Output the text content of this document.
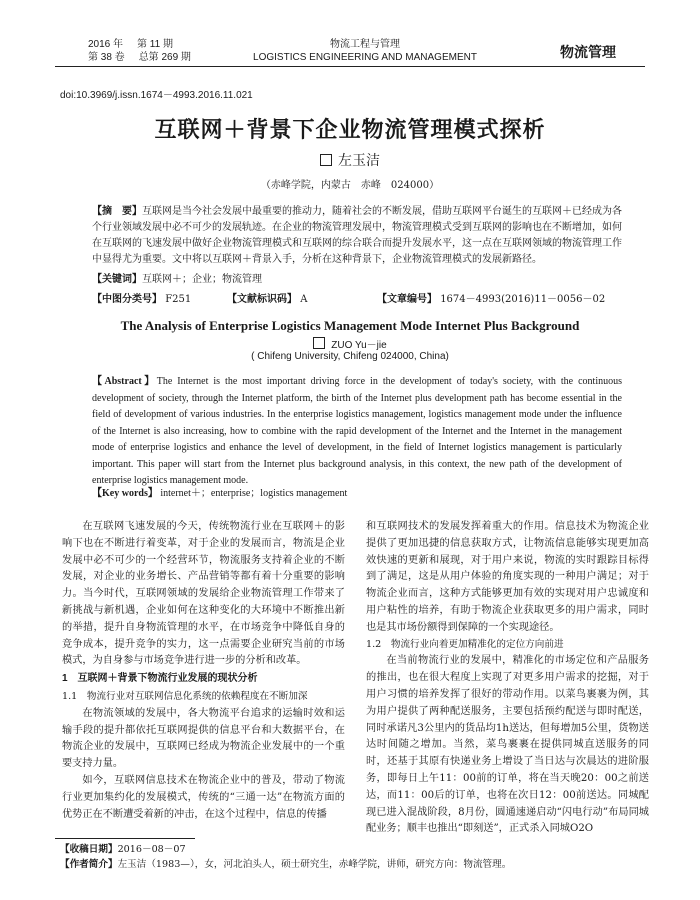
2016 年 第 11 期
第 38 卷 总第 269 期
物流工程与管理
LOGISTICS ENGINEERING AND MANAGEMENT	物流管理
doi:10.3969/j.issn.1674－4993.2016.11.021
互联网＋背景下企业物流管理模式探析
左玉洁
（赤峰学院，内蒙古　赤峰　024000）
【摘　要】互联网是当今社会发展中最重要的推动力，随着社会的不断发展，借助互联网平台诞生的互联网＋已经成为各个行业领域发展中必不可少的发展轨迹。在企业的物流管理发展中，物流管理模式受到互联网的影响也在不断增加，如何在互联网的飞速发展中做好企业物流管理模式和互联网的综合联合而提升发展水平，这一点在互联网领域的物流管理工作中显得尤为重要。文中将以互联网＋背景入手，分析在这种背景下，企业物流管理模式的发展新路径。
【关键词】互联网＋；企业；物流管理
【中图分类号】 F251	【文献标识码】 A	【文章编号】 1674－4993(2016)11－0056－02
The Analysis of Enterprise Logistics Management Mode Internet Plus Background
ZUO Yu－jie
( Chifeng University, Chifeng 024000, China)
【Abstract】The Internet is the most important driving force in the development of today's society, with the continuous development of society, through the Internet platform, the birth of the Internet plus development path has become essential in the field of development of various industries. In the enterprise logistics management, logistics management mode under the influence of the Internet is also increasing, how to combine with the rapid development of the Internet and the Internet in the management mode of enterprise logistics and enhance the level of development, in the field of Internet logistics management is particularly important. This paper will start from the Internet plus background analysis, in this context, the new path of the development of enterprise logistics management mode.
【Key words】 internet＋；enterprise；logistics management

在互联网飞速发展的今天，传统物流行业在互联网＋的影响下也在不断进行着变革，对于企业的发展而言，物流是企业发展中必不可少的一个经营环节，物流服务支持着企业的不断发展，对企业的业务增长、产品营销等都有着十分重要的影响力。当今时代，互联网领域的发展给企业物流管理工作带来了新挑战与新机遇，企业如何在这种变化的大环境中不断推出新的举措，提升自身物流管理的水平，在市场竞争中降低自身的竞争成本，提升竞争的实力，这一点需要企业研究当前的市场模式，为自身参与市场竞争进行进一步的分析和改革。

1　互联网＋背景下物流行业发展的现状分析

1.1　物流行业对互联网信息化系统的依赖程度在不断加深

在物流领域的发展中，各大物流平台追求的运输时效和运输手段的提升都依托互联网提供的信息平台和大数据平台，在物流企业的发展中，互联网已经成为物流企业发展中的一个重要支持力量。

如今，互联网信息技术在物流企业中的普及，带动了物流行业更加集约化的发展模式，传统的“三通一达”在物流方面的优势正在不断遭受着新的冲击，在这个过程中，信息的传播

和互联网技术的发展发挥着重大的作用。信息技术为物流企业提供了更加迅捷的信息获取方式，让物流信息能够实现更加高效快速的更新和展现，对于用户来说，物流的实时跟踪目标得到了满足，这是从用户体验的角度实现的一种用户满足；对于物流企业而言，这种方式能够更加有效的实现对用户忠诚度和用户粘性的培养，有助于物流企业获取更多的用户需求，同时也是其市场份额得到保障的一个实现途径。

1.2　物流行业向着更加精准化的定位方向前进

在当前物流行业的发展中，精准化的市场定位和产品服务的推出，也在很大程度上实现了对更多用户需求的挖掘，对于用户习惯的培养发挥了很好的带动作用。以菜鸟裹裹为例，其为用户提供了两种配送服务，主要包括预约配送与即时配送，同时承诺凡3公里内的货品均1h送达，但每增加5公里，货物送达时间随之增加。当然，菜鸟裹裹在提供同城直送服务的同时，还基于其原有快递业务上增设了当日达与次晨达的进阶服务，即每日上午11：00前的订单，将在当天晚20：00之前送达，而11：00后的订单，也将在次日12：00前送达。同城配现已进入混战阶段，8月份，圆通速递启动“闪电行动”布局同城配业务；顺丰也推出“即刻送”，正式杀入同城O2O

【收稿日期】2016－08－07
【作者简介】左玉洁（1983—），女，河北泊头人，硕士研究生，赤峰学院，讲师，研究方向：物流管理。
